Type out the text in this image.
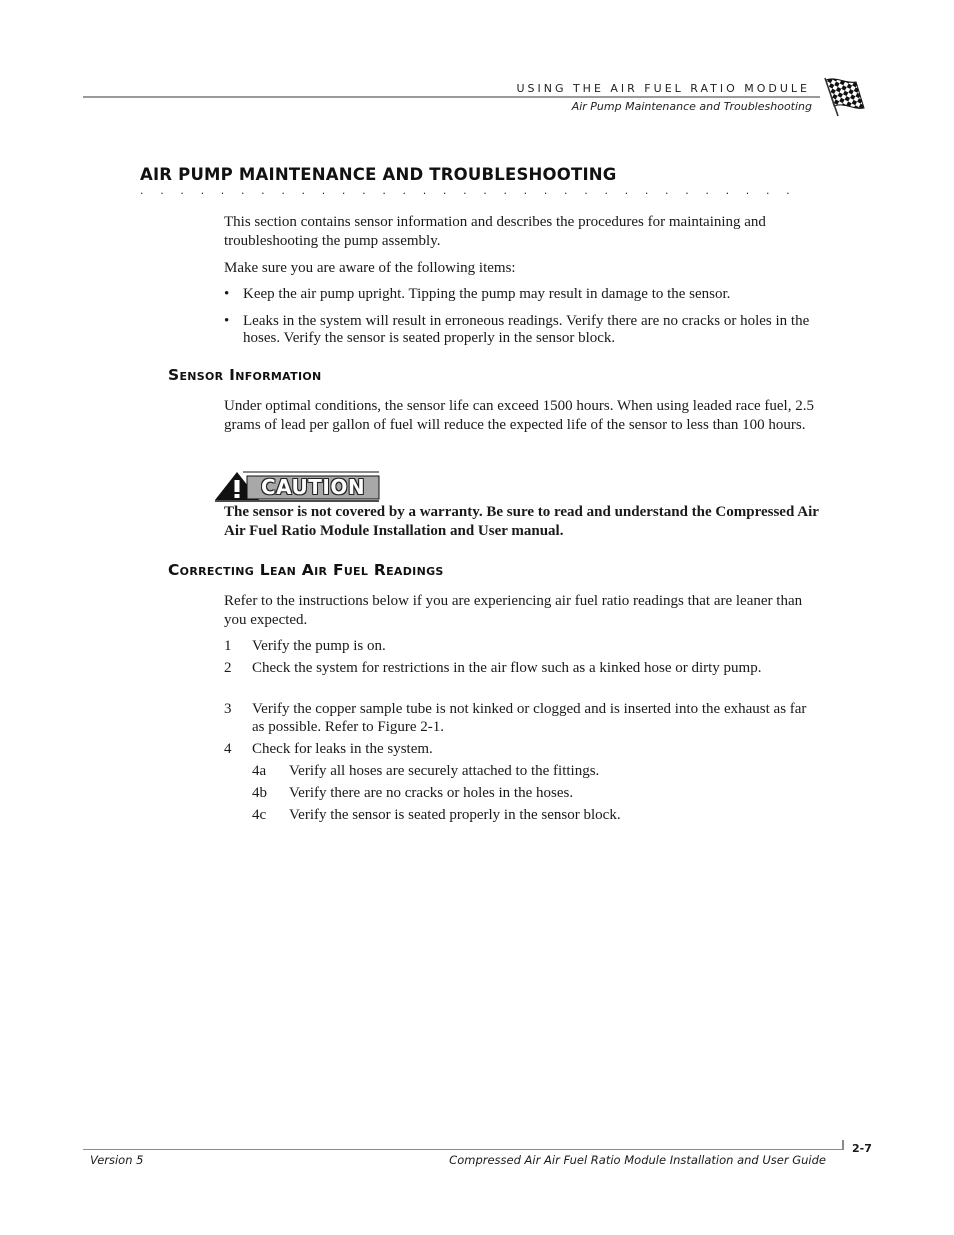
USING THE AIR FUEL RATIO MODULE
Air Pump Maintenance and Troubleshooting
AIR PUMP MAINTENANCE AND TROUBLESHOOTING
. . . . . . . . . . . . . . . . . . . . . . . . . . . . . . . . .
This section contains sensor information and describes the procedures for maintaining and troubleshooting the pump assembly.
Make sure you are aware of the following items:
• Keep the air pump upright. Tipping the pump may result in damage to the sensor.
• Leaks in the system will result in erroneous readings. Verify there are no cracks or holes in the hoses. Verify the sensor is seated properly in the sensor block.
Sensor Information
Under optimal conditions, the sensor life can exceed 1500 hours. When using leaded race fuel, 2.5 grams of lead per gallon of fuel will reduce the expected life of the sensor to less than 100 hours.
CAUTION
The sensor is not covered by a warranty. Be sure to read and understand the Compressed Air Air Fuel Ratio Module Installation and User manual.
Correcting Lean Air Fuel Readings
Refer to the instructions below if you are experiencing air fuel ratio readings that are leaner than you expected.
1 Verify the pump is on.
2 Check the system for restrictions in the air flow such as a kinked hose or dirty pump.
3 Verify the copper sample tube is not kinked or clogged and is inserted into the exhaust as far as possible. Refer to Figure 2-1.
4 Check for leaks in the system.
4a Verify all hoses are securely attached to the fittings.
4b Verify there are no cracks or holes in the hoses.
4c Verify the sensor is seated properly in the sensor block.
2-7
Version 5	Compressed Air Air Fuel Ratio Module Installation and User Guide
